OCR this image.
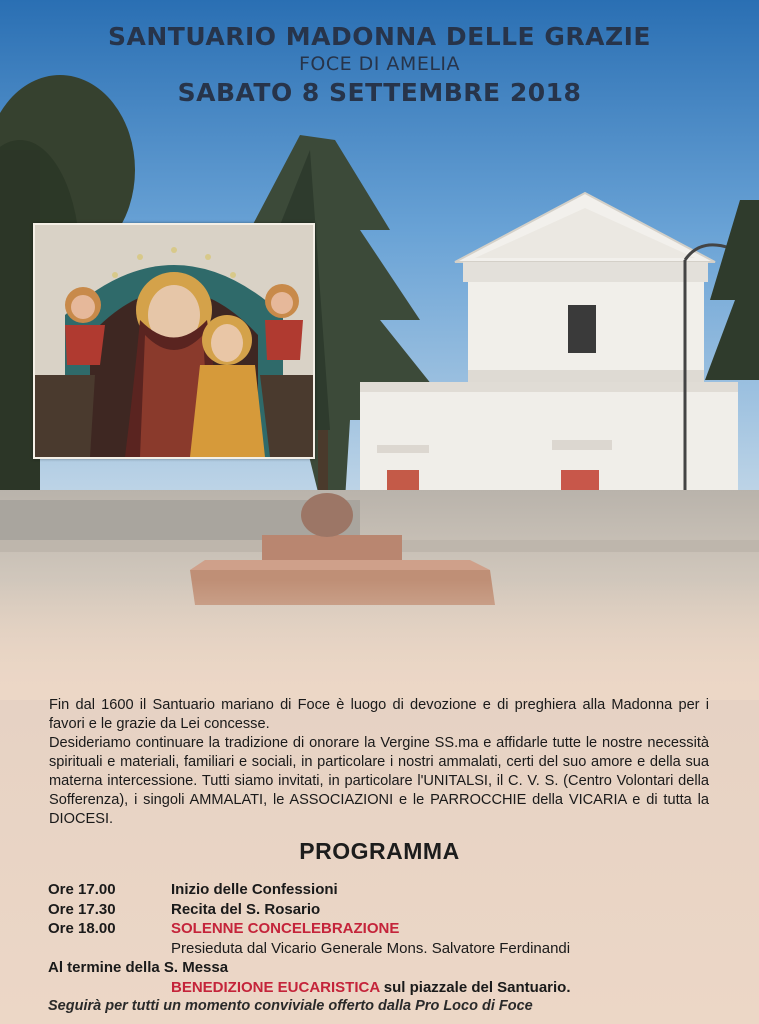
SANTUARIO MADONNA DELLE GRAZIE
FOCE DI AMELIA
SABATO 8 SETTEMBRE 2018

Fin dal 1600 il Santuario mariano di Foce è luogo di devozione e di preghiera alla Madonna per i favori e le grazie da Lei concesse.

Desideriamo continuare la tradizione di onorare la Vergine SS.ma e affidarle tutte le nostre necessità spirituali e materiali, familiari e sociali, in particolare i nostri ammalati, certi del suo amore e della sua materna intercessione. Tutti siamo invitati, in particolare l'UNITALSI, il C. V. S. (Centro Volontari della Sofferenza), i singoli AMMALATI, le ASSOCIAZIONI e le PARROCCHIE della VICARIA e di tutta la DIOCESI.

PROGRAMMA
Ore 17.00	Inizio delle Confessioni
Ore 17.30	Recita del S. Rosario
Ore 18.00	SOLENNE CONCELEBRAZIONE
Presieduta dal Vicario Generale Mons. Salvatore Ferdinandi
Al termine della S. Messa
BENEDIZIONE EUCARISTICA sul piazzale del Santuario.
Seguirà per tutti un momento conviviale offerto dalla Pro Loco di Foce
